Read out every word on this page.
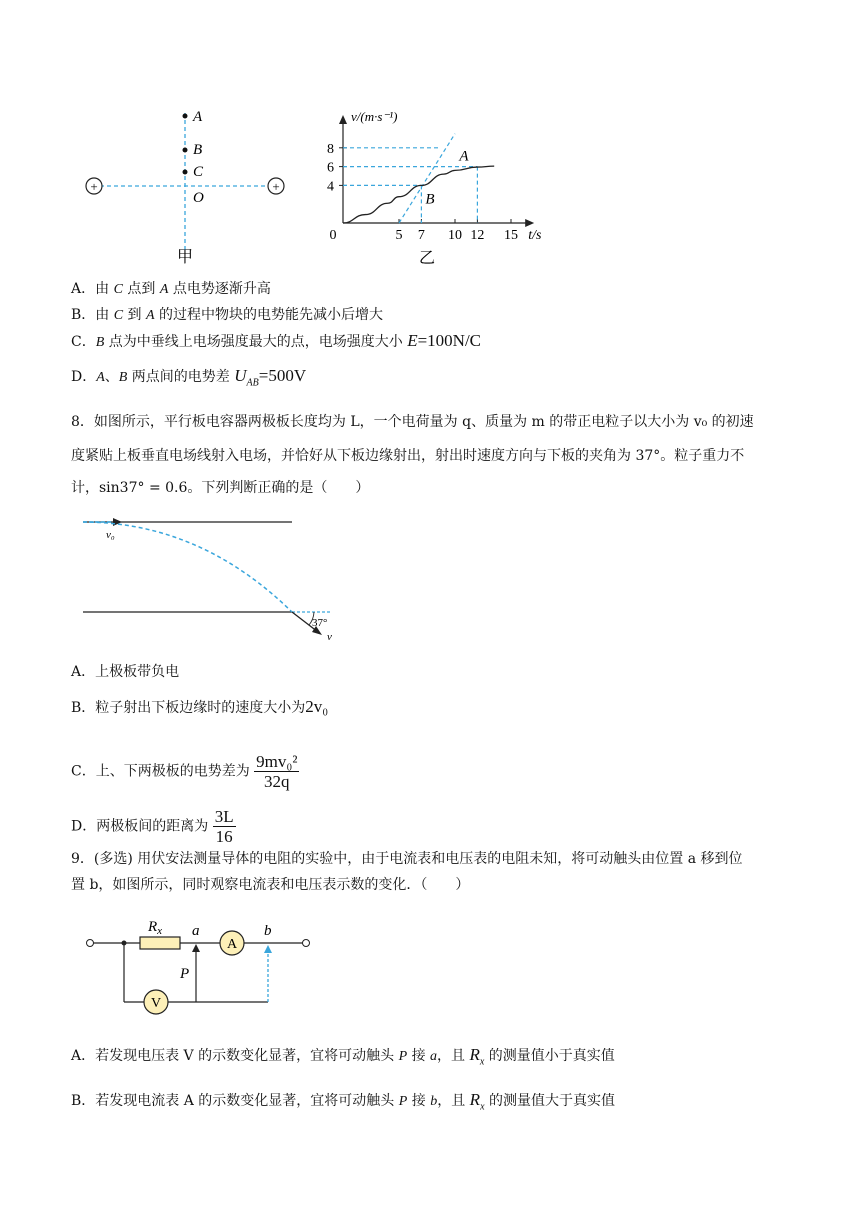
+	+
A
B
C
O
甲
v/(m·s⁻¹)
t/s
0	5 7 10 12 15
4
6
8	A
B
乙
A．由 C 点到 A 点电势逐渐升高
B．由 C 到 A 的过程中物块的电势能先减小后增大
C．B 点为中垂线上电场强度最大的点，电场强度大小 E=100N/C
D．A、B 两点间的电势差 $U_{AB}=500V$
8．如图所示，平行板电容器两极板长度均为 L，一个电荷量为 q、质量为 m 的带正电粒子以大小为 v₀ 的初速
度紧贴上板垂直电场线射入电场，并恰好从下板边缘射出，射出时速度方向与下板的夹角为 37°。粒子重力不
计，sin37° = 0.6。下列判断正确的是（　　）
v₀
37°
v
A．上极板带负电
B．粒子射出下板边缘时的速度大小为2v₀
C．上、下两极板的电势差为 $\frac{\text{9mv₀²}}{32q}$
D．两极板间的距离为 $\frac{3L}{16}$
9．(多选) 用伏安法测量导体的电阻的实验中，由于电流表和电压表的电阻未知，将可动触头由位置 a 移到位
置 b，如图所示，同时观察电流表和电压表示数的变化．（　　）
$R_x$
A
a	b
V
P
A．若发现电压表 V 的示数变化显著，宜将可动触头 P 接 a，且 $R_x$ 的测量值小于真实值
B．若发现电流表 A 的示数变化显著，宜将可动触头 P 接 b，且 $R_x$ 的测量值大于真实值
